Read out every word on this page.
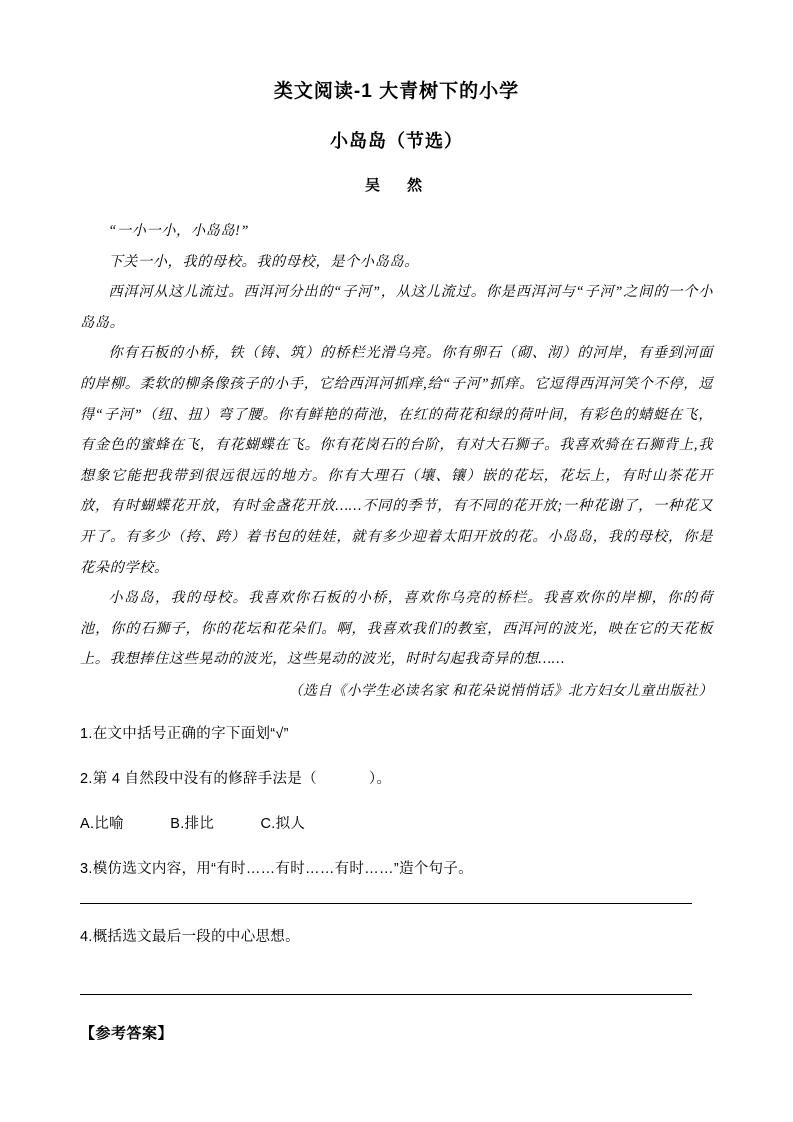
类文阅读-1 大青树下的小学
小岛岛（节选）
吴　然

“一小一小，小岛岛!”

下关一小，我的母校。我的母校，是个小岛岛。

西洱河从这儿流过。西洱河分出的“子河”，从这儿流过。你是西洱河与“子河”之间的一个小岛岛。

你有石板的小桥，铁（铸、筑）的桥栏光滑乌亮。你有卵石（砌、沏）的河岸，有垂到河面的岸柳。柔软的柳条像孩子的小手，它给西洱河抓痒,给“子河”抓痒。它逗得西洱河笑个不停，逗得“子河”（纽、扭）弯了腰。你有鲜艳的荷池，在红的荷花和绿的荷叶间，有彩色的蜻蜓在飞，有金色的蜜蜂在飞，有花蝴蝶在飞。你有花岗石的台阶，有对大石狮子。我喜欢骑在石狮背上,我想象它能把我带到很远很远的地方。你有大理石（壤、镶）嵌的花坛，花坛上，有时山茶花开放，有时蝴蝶花开放，有时金盏花开放……不同的季节，有不同的花开放;一种花谢了，一种花又开了。有多少（挎、跨）着书包的娃娃，就有多少迎着太阳开放的花。小岛岛，我的母校，你是花朵的学校。

小岛岛，我的母校。我喜欢你石板的小桥，喜欢你乌亮的桥栏。我喜欢你的岸柳，你的荷池，你的石狮子，你的花坛和花朵们。啊，我喜欢我们的教室，西洱河的波光，映在它的天花板上。我想捧住这些晃动的波光，这些晃动的波光，时时勾起我奇异的想……

（选自《小学生必读名家 和花朵说悄悄话》北方妇女儿童出版社）
1.在文中括号正确的字下面划“√”
2.第 4 自然段中没有的修辞手法是（	）。
A.比喻	B.排比	C.拟人
3.模仿选文内容，用“有时……有时……有时……”造个句子。
4.概括选文最后一段的中心思想。
【参考答案】
